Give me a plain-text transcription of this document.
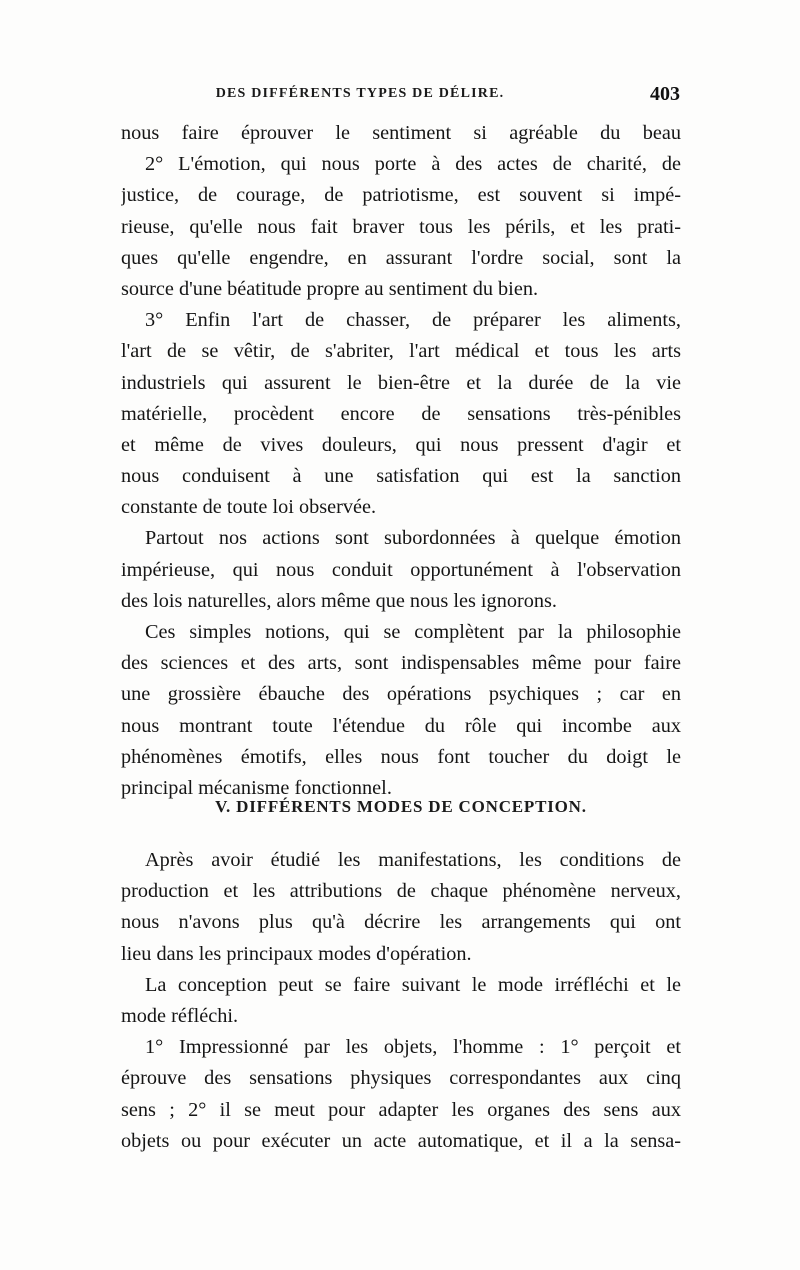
DES DIFFÉRENTS TYPES DE DÉLIRE.	403
nous faire éprouver le sentiment si agréable du beau
2° L'émotion, qui nous porte à des actes de charité, de
justice, de courage, de patriotisme, est souvent si impé-
rieuse, qu'elle nous fait braver tous les périls, et les prati-
ques qu'elle engendre, en assurant l'ordre social, sont la
source d'une béatitude propre au sentiment du bien.
3° Enfin l'art de chasser, de préparer les aliments,
l'art de se vêtir, de s'abriter, l'art médical et tous les arts
industriels qui assurent le bien-être et la durée de la vie
matérielle, procèdent encore de sensations très-pénibles
et même de vives douleurs, qui nous pressent d'agir et
nous conduisent à une satisfation qui est la sanction
constante de toute loi observée.
Partout nos actions sont subordonnées à quelque émotion
impérieuse, qui nous conduit opportunément à l'observation
des lois naturelles, alors même que nous les ignorons.
Ces simples notions, qui se complètent par la philosophie
des sciences et des arts, sont indispensables même pour faire
une grossière ébauche des opérations psychiques ; car en
nous montrant toute l'étendue du rôle qui incombe aux
phénomènes émotifs, elles nous font toucher du doigt le
principal mécanisme fonctionnel.
V. DIFFÉRENTS MODES DE CONCEPTION.
Après avoir étudié les manifestations, les conditions de
production et les attributions de chaque phénomène nerveux,
nous n'avons plus qu'à décrire les arrangements qui ont
lieu dans les principaux modes d'opération.
La conception peut se faire suivant le mode irréfléchi et le
mode réfléchi.
1° Impressionné par les objets, l'homme : 1° perçoit et
éprouve des sensations physiques correspondantes aux cinq
sens ; 2° il se meut pour adapter les organes des sens aux
objets ou pour exécuter un acte automatique, et il a la sensa-
